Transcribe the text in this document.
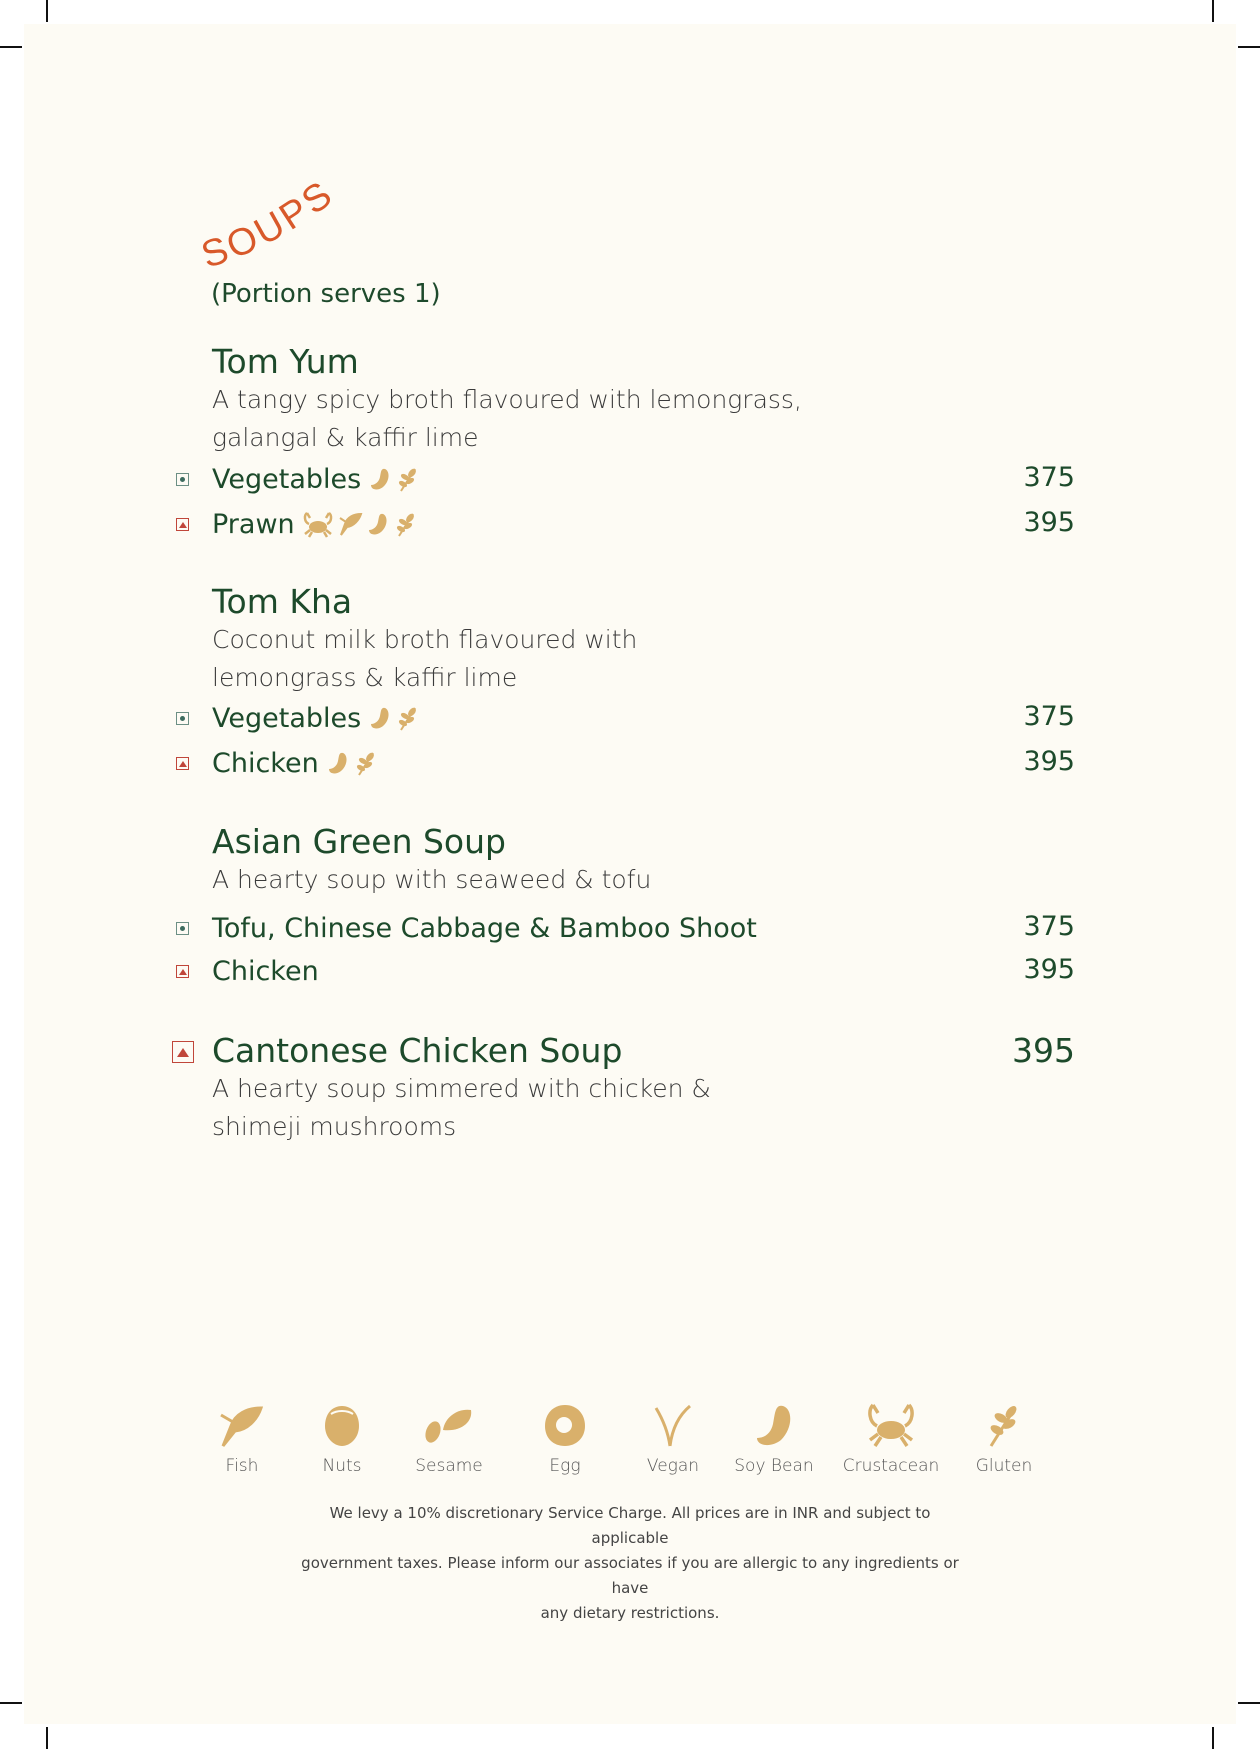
SOUPS
(Portion serves 1)
Tom Yum
A tangy spicy broth flavoured with lemongrass,
galangal & kaffir lime
Vegetables	375
Prawn	395
Tom Kha
Coconut milk broth flavoured with
lemongrass & kaffir lime
Vegetables	375
Chicken	395
Asian Green Soup
A hearty soup with seaweed & tofu
Tofu, Chinese Cabbage & Bamboo Shoot	375
Chicken	395
Cantonese Chicken Soup	395
A hearty soup simmered with chicken &
shimeji mushrooms
Fish	Nuts	Sesame	Egg	Vegan	Soy Bean	Crustacean	Gluten
We levy a 10% discretionary Service Charge. All prices are in INR and subject to applicable
government taxes. Please inform our associates if you are allergic to any ingredients or have
any dietary restrictions.
